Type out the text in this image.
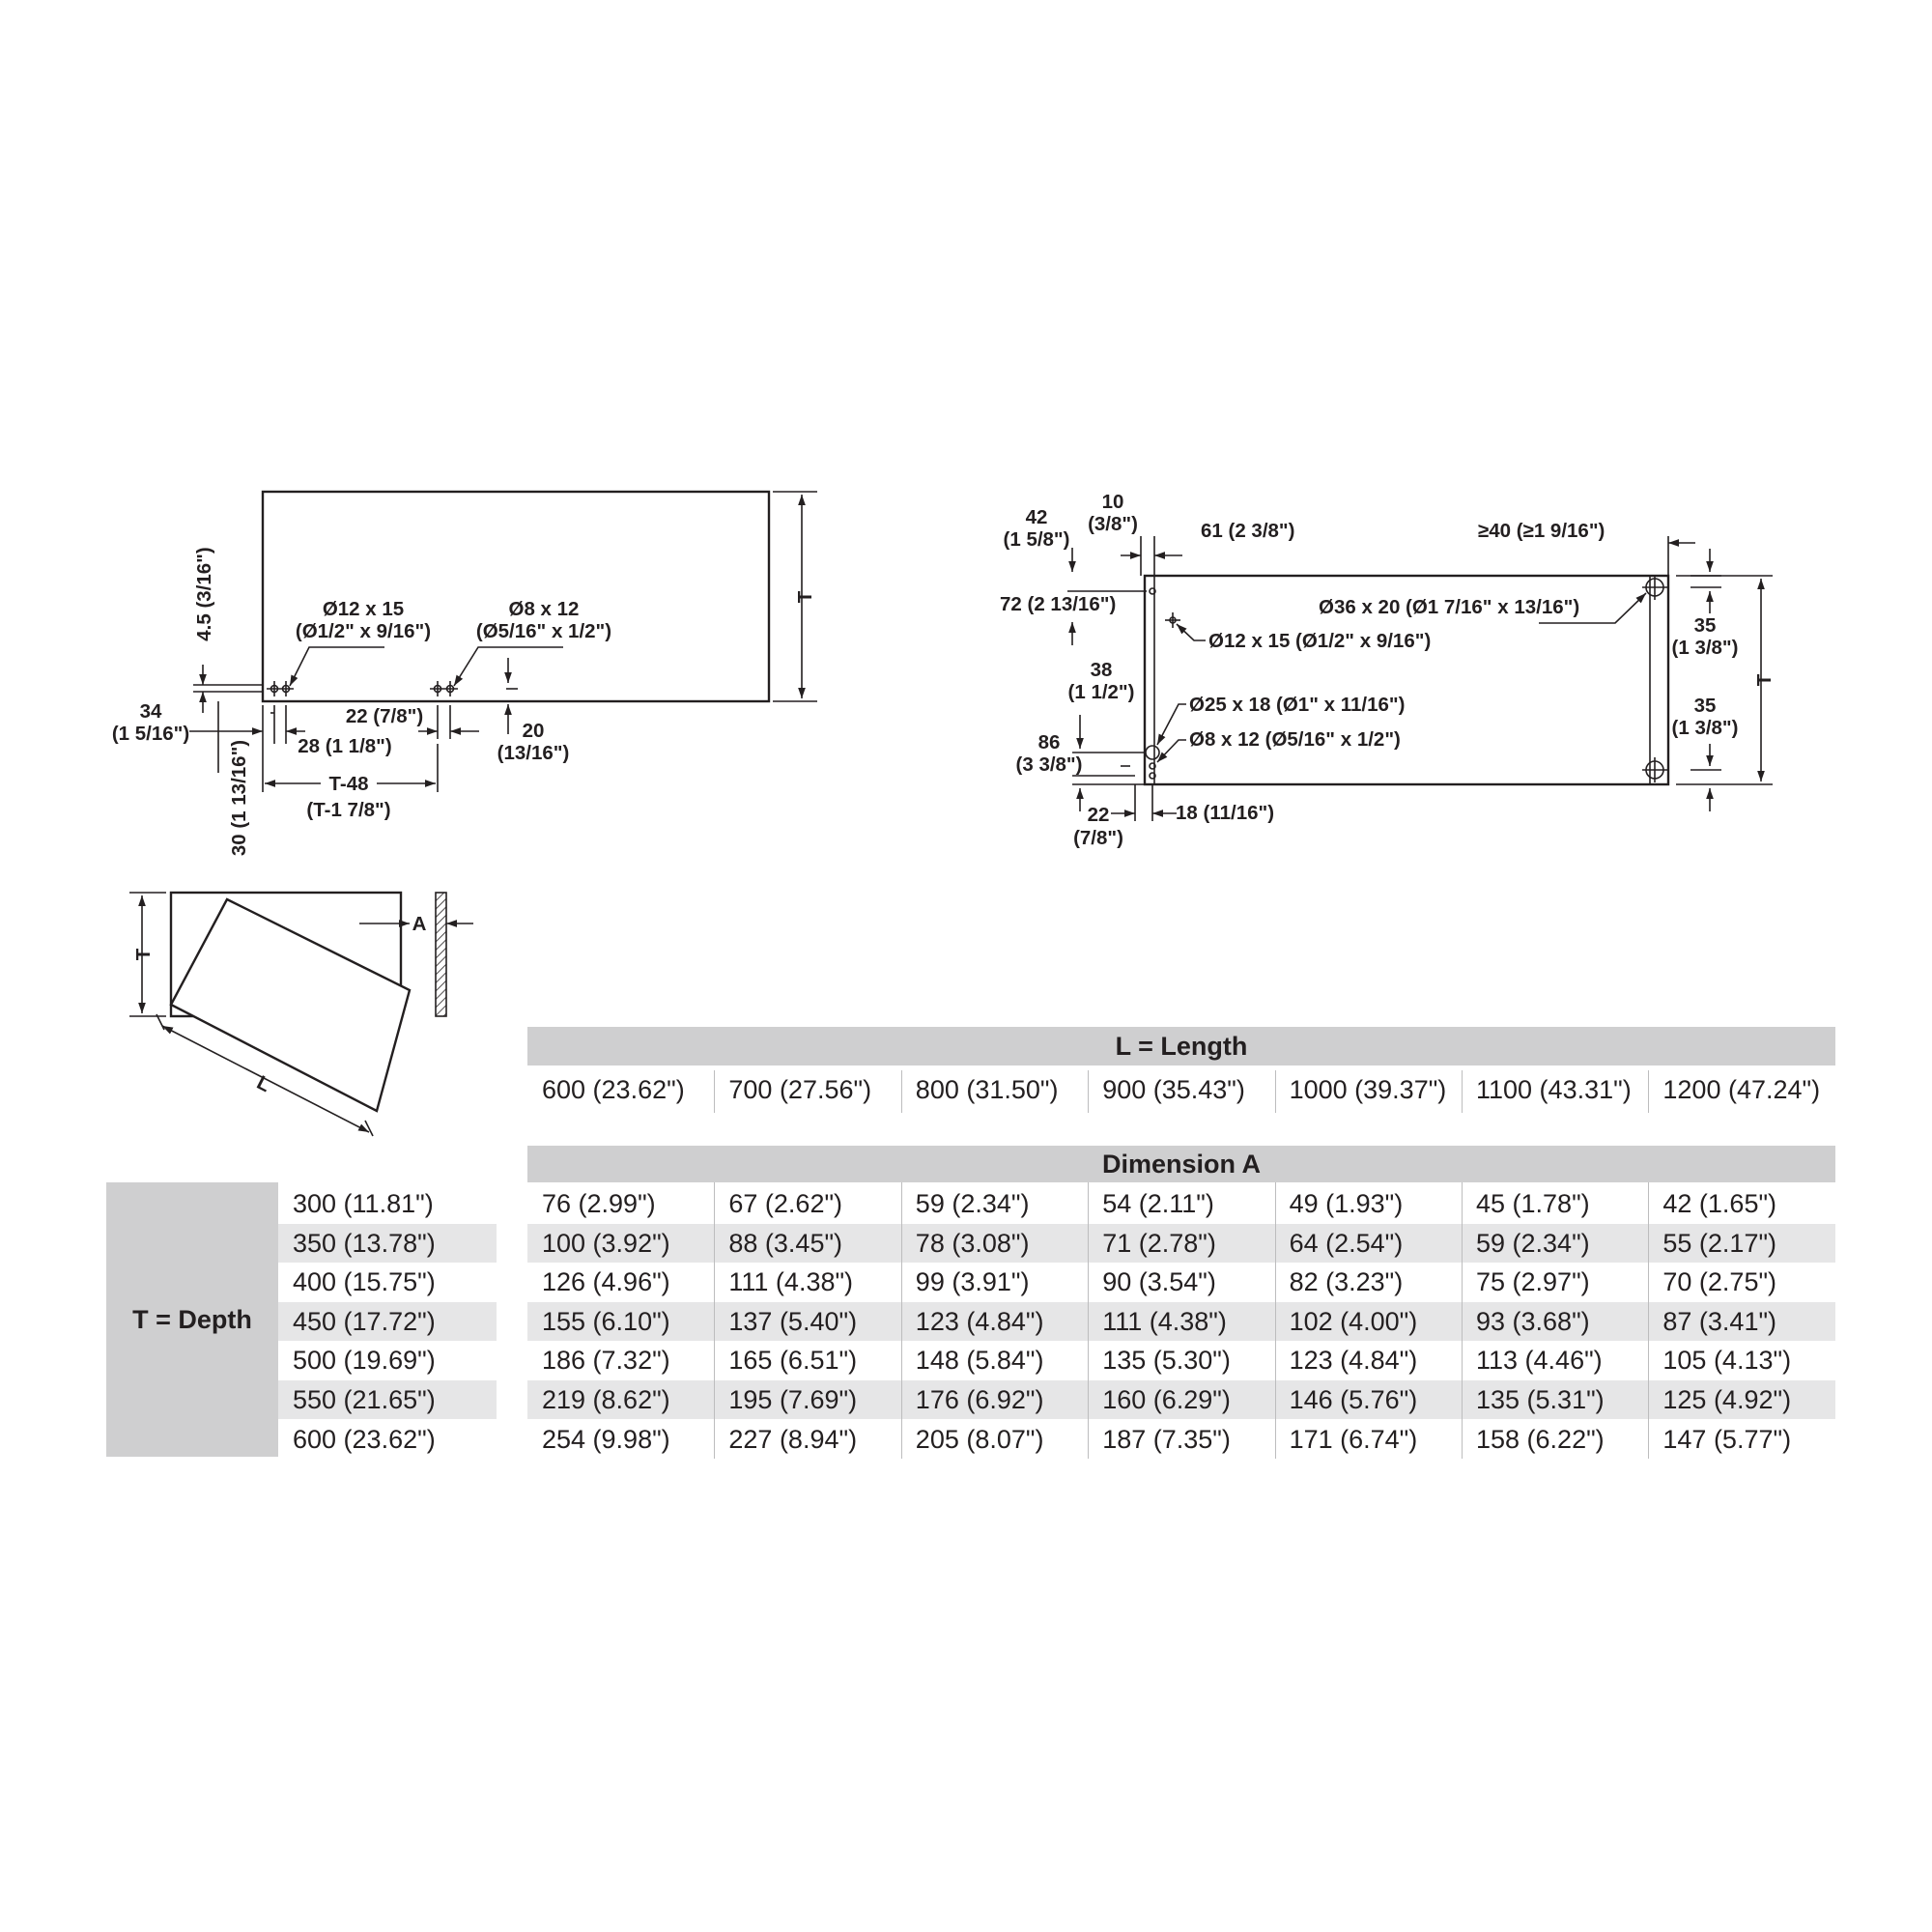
T
Ø12 x 15
(Ø1/2" x 9/16")
Ø8 x 12
(Ø5/16" x 1/2")
4.5 (3/16")
34
(1 5/16")
22 (7/8")
28 (1 1/8")
20
(13/16")
30 (1 13/16")	T-48
(T-1 7/8")
42
(1 5/8")
10
(3/8")	61 (2 3/8")	≥40 (≥1 9/16")
72 (2 13/16")	Ø36 x 20 (Ø1 7/16" x 13/16")
35
(1 3/8")
T
Ø12 x 15 (Ø1/2" x 9/16")
38
(1 1/2")
Ø25 x 18 (Ø1" x 11/16")	35
(1 3/8")
86
(3 3/8")
Ø8 x 12 (Ø5/16" x 1/2")
22
(7/8")
18 (11/16")
T
A
L
L = Length
600 (23.62") 700 (27.56") 800 (31.50") 900 (35.43") 1000 (39.37") 1100 (43.31") 1200 (47.24")
Dimension A
T = Depth
300 (11.81")	76 (2.99")	67 (2.62")	59 (2.34")	54 (2.11")	49 (1.93")	45 (1.78")	42 (1.65")
350 (13.78")	100 (3.92") 88 (3.45")	78 (3.08")	71 (2.78")	64 (2.54")	59 (2.34")	55 (2.17")
400 (15.75")	126 (4.96") 111 (4.38") 99 (3.91")	90 (3.54")	82 (3.23")	75 (2.97")	70 (2.75")
450 (17.72")	155 (6.10") 137 (5.40") 123 (4.84") 111 (4.38") 102 (4.00") 93 (3.68")	87 (3.41")
500 (19.69")	186 (7.32") 165 (6.51") 148 (5.84") 135 (5.30") 123 (4.84") 113 (4.46") 105 (4.13")
550 (21.65")	219 (8.62") 195 (7.69") 176 (6.92") 160 (6.29") 146 (5.76") 135 (5.31") 125 (4.92")
600 (23.62")	254 (9.98") 227 (8.94") 205 (8.07") 187 (7.35") 171 (6.74") 158 (6.22") 147 (5.77")
